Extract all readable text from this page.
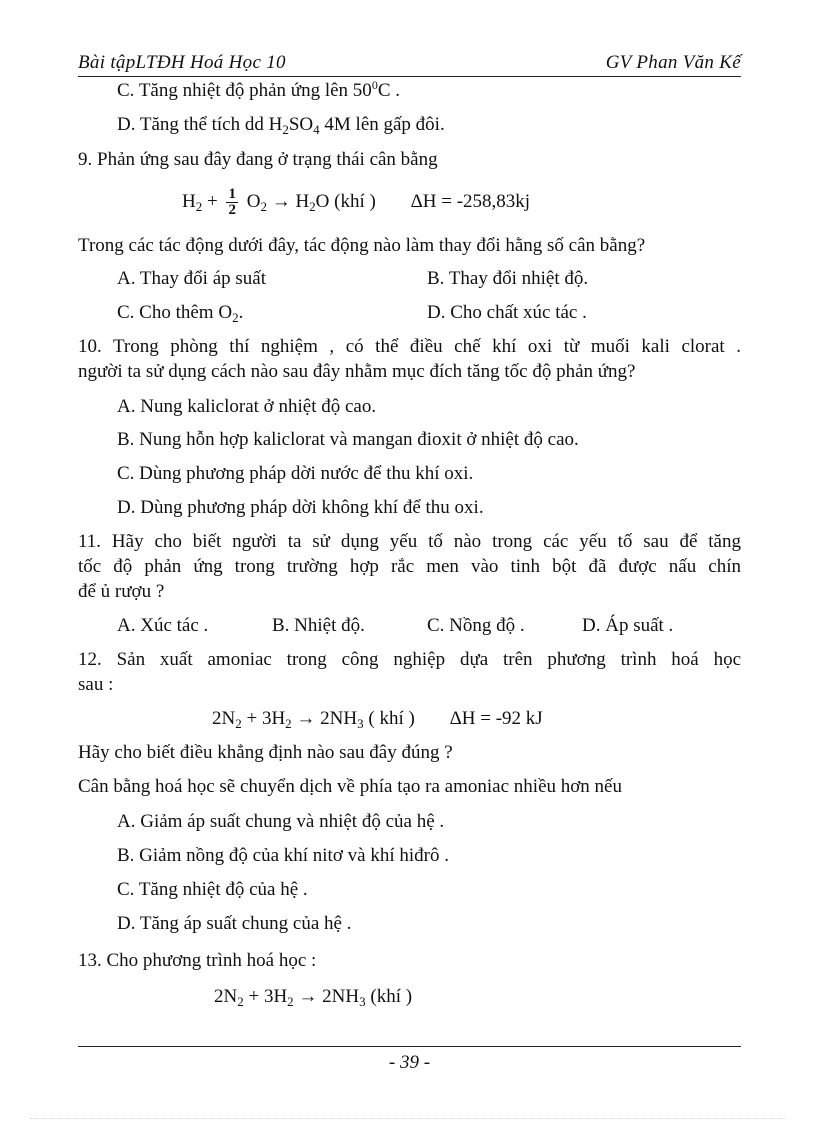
Bài tậpLTĐH Hoá Học 10	GV Phan Văn Kế
C. Tăng nhiệt độ phản ứng lên $50^0C$ .
D. Tăng thể tích dd $H_2SO_4$ 4M lên gấp đôi.
9. Phản ứng sau đây đang ở trạng thái cân bằng
$H_2 + \frac{1}{2} O_2 \to H_2O$ (khí ) ΔH = -258,83kj
Trong các tác động dưới đây, tác động nào làm thay đổi hằng số cân bằng?
A. Thay đổi áp suất	B. Thay đổi nhiệt độ.
C. Cho thêm $O_2$.	D. Cho chất xúc tác .
10. Trong phòng thí nghiệm , có thể điều chế khí oxi từ muối kali clorat .
người ta sử dụng cách nào sau đây nhằm mục đích tăng tốc độ phản ứng?
A. Nung kaliclorat ở nhiệt độ cao.
B. Nung hỗn hợp kaliclorat và mangan đioxit ở nhiệt độ cao.
C. Dùng phương pháp dời nước để thu khí oxi.
D. Dùng phương pháp dời không khí để thu oxi.
11. Hãy cho biết người ta sử dụng yếu tố nào trong các yếu tố sau để tăng
tốc độ phản ứng trong trường hợp rắc men vào tinh bột đã được nấu chín
để ủ rượu ?
A. Xúc tác .	B. Nhiệt độ.	C. Nồng độ .	D. Áp suất .
12. Sản xuất amoniac trong công nghiệp dựa trên phương trình hoá học
sau :
$2N_2 + 3H_2 \to 2NH_3$ ( khí ) ΔH = -92 kJ
Hãy cho biết điều khẳng định nào sau đây đúng ?
Cân bằng hoá học sẽ chuyển dịch về phía tạo ra amoniac nhiều hơn nếu
A. Giảm áp suất chung và nhiệt độ của hệ .
B. Giảm nồng độ của khí nitơ và khí hiđrô .
C. Tăng nhiệt độ của hệ .
D. Tăng áp suất chung của hệ .
13. Cho phương trình hoá học :
$2N_2 + 3H_2 \to 2NH_3$ (khí )
- 39 -
